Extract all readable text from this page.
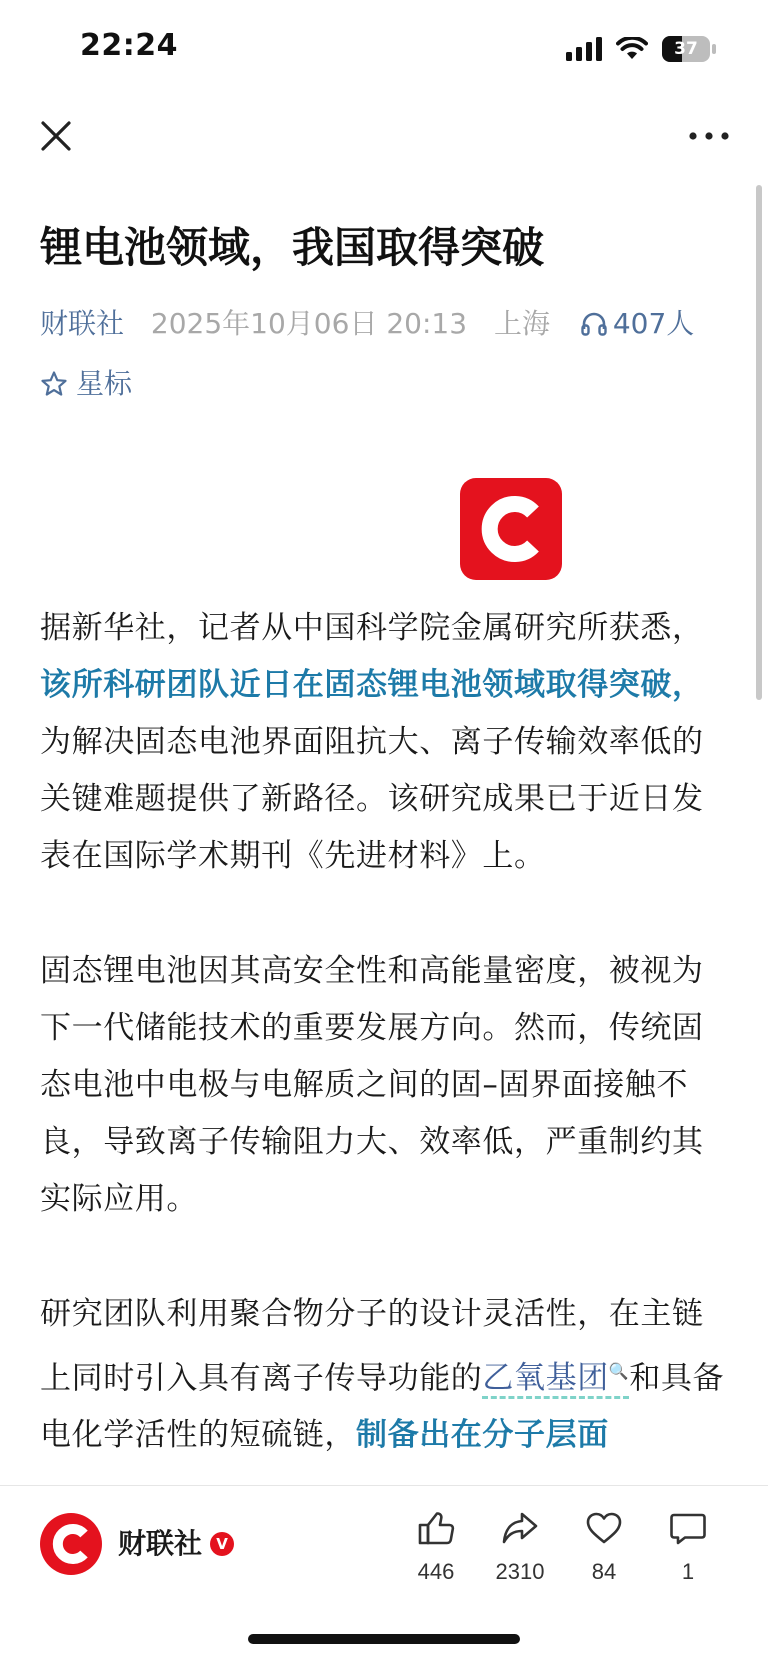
22:24	37
锂电池领域，我国取得突破
财联社 2025年10月06日 20:13 上海 407人
星标

据新华社，记者从中国科学院金属研究所获悉，该所科研团队近日在固态锂电池领域取得突破，为解决固态电池界面阻抗大、离子传输效率低的关键难题提供了新路径。该研究成果已于近日发表在国际学术期刊《先进材料》上。

固态锂电池因其高安全性和高能量密度，被视为下一代储能技术的重要发展方向。然而，传统固态电池中电极与电解质之间的固–固界面接触不良，导致离子传输阻力大、效率低，严重制约其实际应用。

研究团队利用聚合物分子的设计灵活性，在主链上同时引入具有离子传导功能的乙氧基团🔍和具备电化学活性的短硫链，制备出在分子层面

财联社 V
446	2310	84	1
